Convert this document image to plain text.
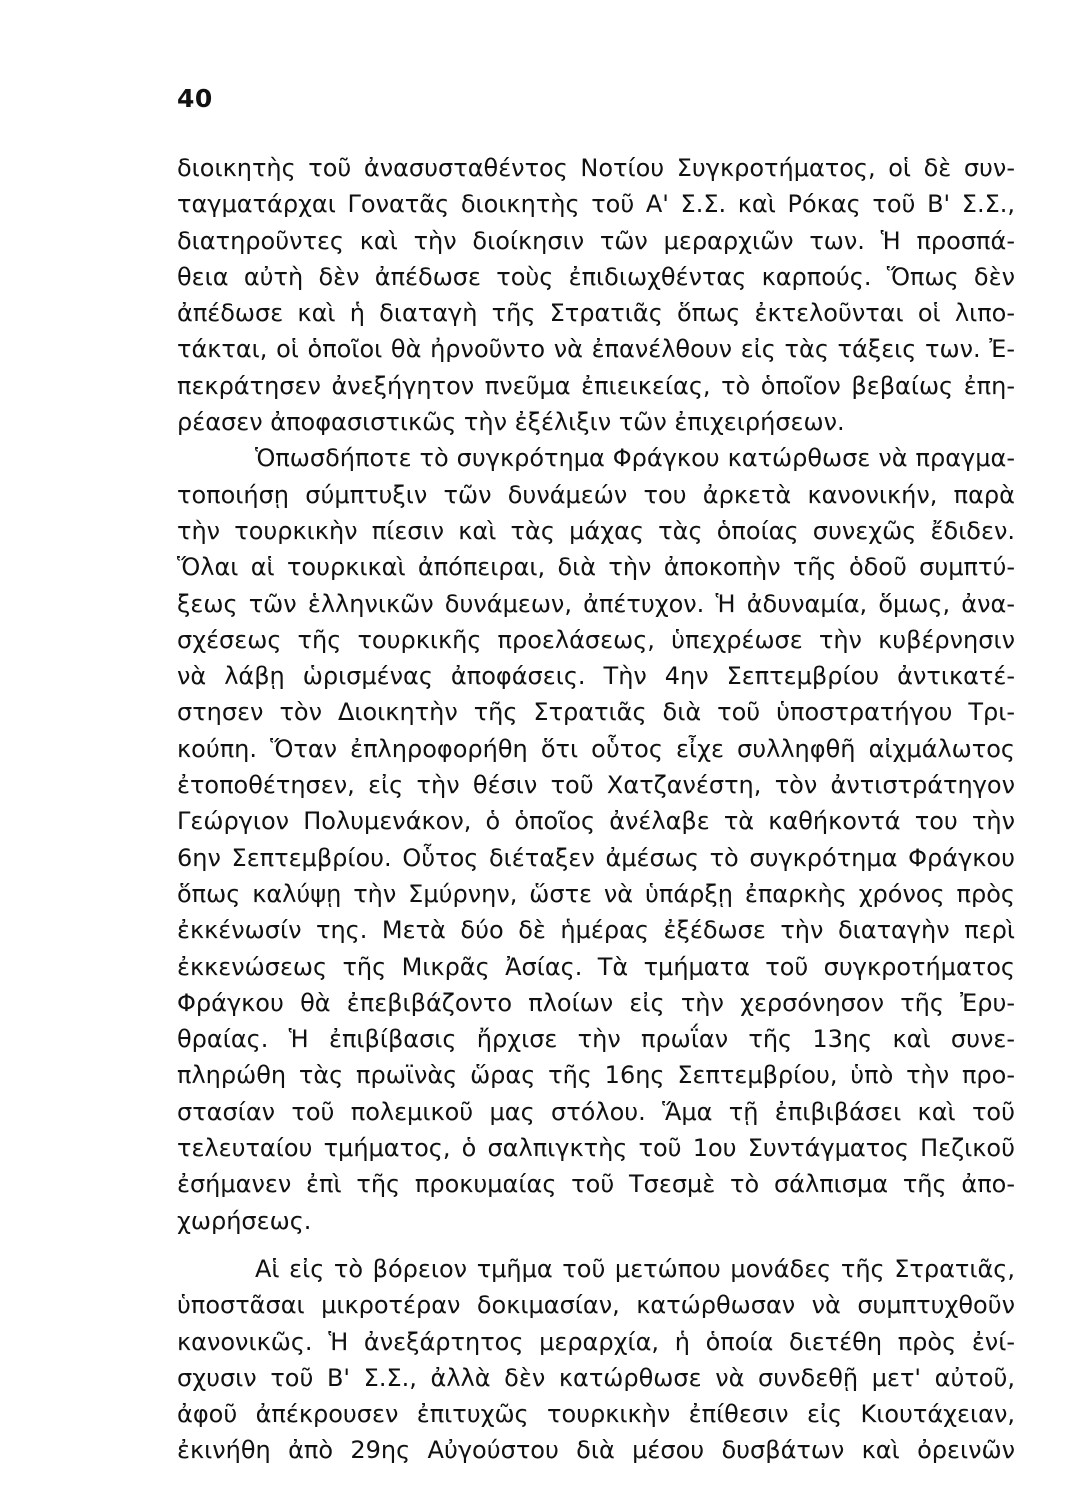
40
διοικητὴς τοῦ ἀνασυσταθέντος Νοτίου Συγκροτήματος, οἱ δὲ συν-
ταγματάρχαι Γονατᾶς διοικητὴς τοῦ Α' Σ.Σ. καὶ Ρόκας τοῦ Β' Σ.Σ.,
διατηροῦντες καὶ τὴν διοίκησιν τῶν μεραρχιῶν των. Ἡ προσπά-
θεια αὐτὴ δὲν ἀπέδωσε τοὺς ἐπιδιωχθέντας καρπούς. Ὅπως δὲν
ἀπέδωσε καὶ ἡ διαταγὴ τῆς Στρατιᾶς ὅπως ἐκτελοῦνται οἱ λιπο-
τάκται, οἱ ὁποῖοι θὰ ἠρνοῦντο νὰ ἐπανέλθουν εἰς τὰς τάξεις των. Ἐ-
πεκράτησεν ἀνεξήγητον πνεῦμα ἐπιεικείας, τὸ ὁποῖον βεβαίως ἐπη-
ρέασεν ἀποφασιστικῶς τὴν ἐξέλιξιν τῶν ἐπιχειρήσεων.
Ὁπωσδήποτε τὸ συγκρότημα Φράγκου κατώρθωσε νὰ πραγμα-
τοποιήσῃ σύμπτυξιν τῶν δυνάμεών του ἀρκετὰ κανονικήν, παρὰ
τὴν τουρκικὴν πίεσιν καὶ τὰς μάχας τὰς ὁποίας συνεχῶς ἔδιδεν.
Ὅλαι αἱ τουρκικαὶ ἀπόπειραι, διὰ τὴν ἀποκοπὴν τῆς ὁδοῦ συμπτύ-
ξεως τῶν ἑλληνικῶν δυνάμεων, ἀπέτυχον. Ἡ ἀδυναμία, ὅμως, ἀνα-
σχέσεως τῆς τουρκικῆς προελάσεως, ὑπεχρέωσε τὴν κυβέρνησιν
νὰ λάβῃ ὡρισμένας ἀποφάσεις. Τὴν 4ην Σεπτεμβρίου ἀντικατέ-
στησεν τὸν Διοικητὴν τῆς Στρατιᾶς διὰ τοῦ ὑποστρατήγου Τρι-
κούπη. Ὅταν ἐπληροφορήθη ὅτι οὗτος εἶχε συλληφθῆ αἰχμάλωτος
ἐτοποθέτησεν, εἰς τὴν θέσιν τοῦ Χατζανέστη, τὸν ἀντιστράτηγον
Γεώργιον Πολυμενάκον, ὁ ὁποῖος ἀνέλαβε τὰ καθήκοντά του τὴν
6ην Σεπτεμβρίου. Οὗτος διέταξεν ἀμέσως τὸ συγκρότημα Φράγκου
ὅπως καλύψῃ τὴν Σμύρνην, ὥστε νὰ ὑπάρξῃ ἐπαρκὴς χρόνος πρὸς
ἐκκένωσίν της. Μετὰ δύο δὲ ἡμέρας ἐξέδωσε τὴν διαταγὴν περὶ
ἐκκενώσεως τῆς Μικρᾶς Ἀσίας. Τὰ τμήματα τοῦ συγκροτήματος
Φράγκου θὰ ἐπεβιβάζοντο πλοίων εἰς τὴν χερσόνησον τῆς Ἐρυ-
θραίας. Ἡ ἐπιβίβασις ἤρχισε τὴν πρωΐαν τῆς 13ης καὶ συνε-
πληρώθη τὰς πρωϊνὰς ὥρας τῆς 16ης Σεπτεμβρίου, ὑπὸ τὴν προ-
στασίαν τοῦ πολεμικοῦ μας στόλου. Ἅμα τῇ ἐπιβιβάσει καὶ τοῦ
τελευταίου τμήματος, ὁ σαλπιγκτὴς τοῦ 1ου Συντάγματος Πεζικοῦ
ἐσήμανεν ἐπὶ τῆς προκυμαίας τοῦ Τσεσμὲ τὸ σάλπισμα τῆς ἀπο-
χωρήσεως.
Αἱ εἰς τὸ βόρειον τμῆμα τοῦ μετώπου μονάδες τῆς Στρατιᾶς,
ὑποστᾶσαι μικροτέραν δοκιμασίαν, κατώρθωσαν νὰ συμπτυχθοῦν
κανονικῶς. Ἡ ἀνεξάρτητος μεραρχία, ἡ ὁποία διετέθη πρὸς ἐνί-
σχυσιν τοῦ Β' Σ.Σ., ἀλλὰ δὲν κατώρθωσε νὰ συνδεθῇ μετ' αὐτοῦ,
ἀφοῦ ἀπέκρουσεν ἐπιτυχῶς τουρκικὴν ἐπίθεσιν εἰς Κιουτάχειαν,
ἐκινήθη ἀπὸ 29ης Αὐγούστου διὰ μέσου δυσβάτων καὶ ὀρεινῶν
